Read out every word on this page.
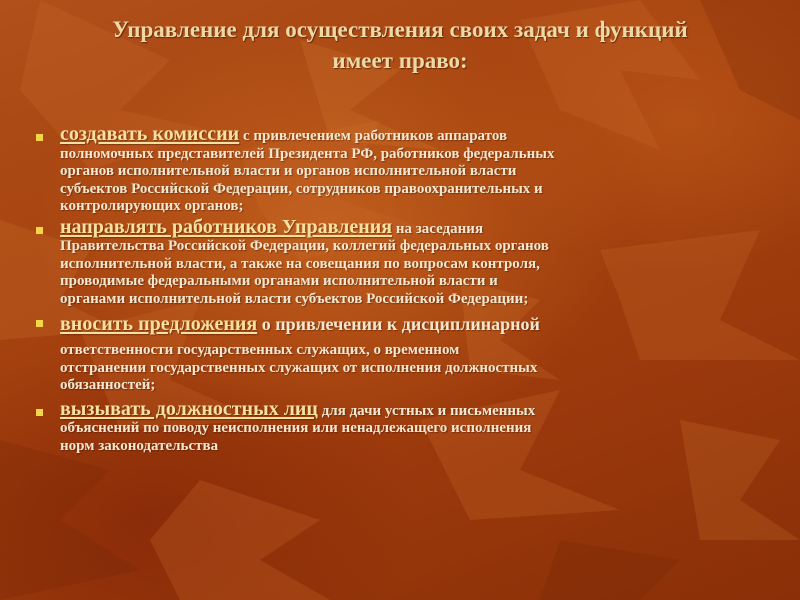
Управление для осуществления своих задач и функций
имеет право:

создавать комиссии с привлечением работников аппаратов
полномочных представителей Президента РФ, работников федеральных
органов исполнительной власти и органов исполнительной власти
субъектов Российской Федерации, сотрудников правоохранительных и
контролирующих органов;

направлять работников Управления на заседания
Правительства Российской Федерации, коллегий федеральных органов
исполнительной власти, а также на совещания по вопросам контроля,
проводимые федеральными органами исполнительной власти и
органами исполнительной власти субъектов Российской Федерации;

вносить предложения о привлечении к дисциплинарной

ответственности государственных служащих, о временном
отстранении государственных служащих от исполнения должностных
обязанностей;

вызывать должностных лиц для дачи устных и письменных
объяснений по поводу неисполнения или ненадлежащего исполнения
норм законодательства
